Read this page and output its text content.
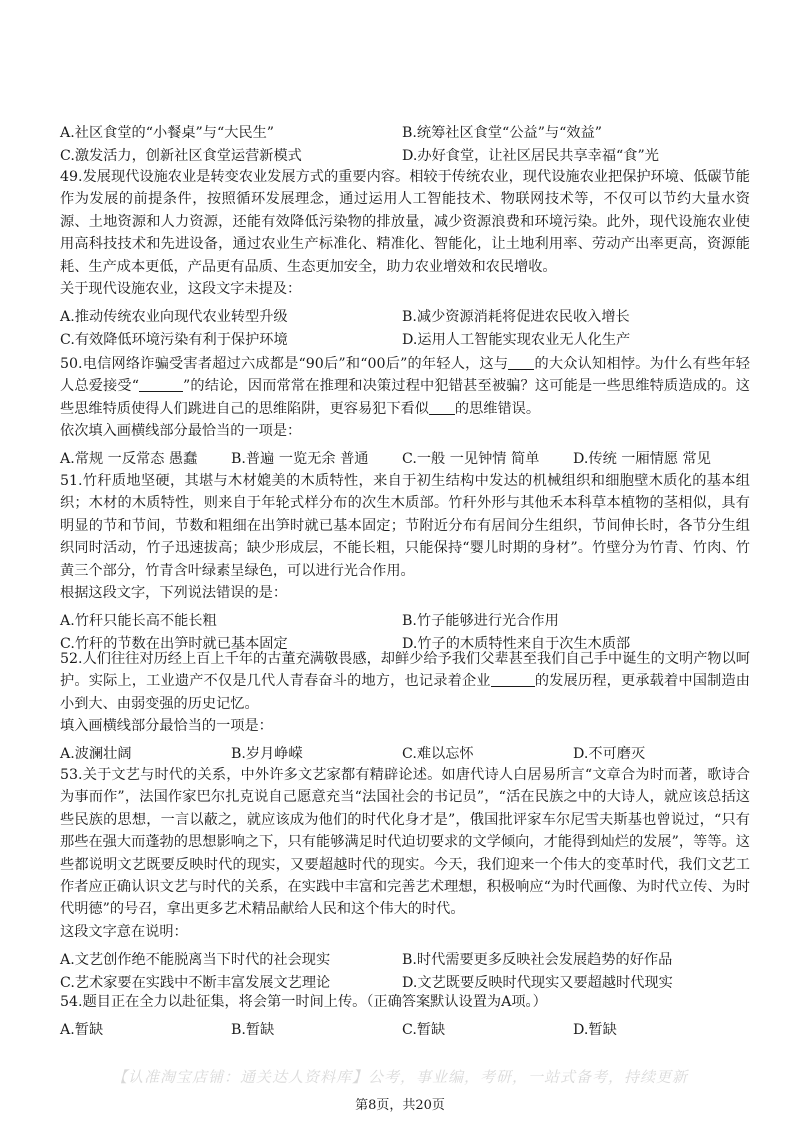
A.社区食堂的“小餐桌”与“大民生”	B.统筹社区食堂“公益”与“效益”
C.激发活力，创新社区食堂运营新模式	D.办好食堂，让社区居民共享幸福“食”光

49.发展现代设施农业是转变农业发展方式的重要内容。相较于传统农业，现代设施农业把保护环境、低碳节能作为发展的前提条件，按照循环发展理念，通过运用人工智能技术、物联网技术等，不仅可以节约大量水资源、土地资源和人力资源，还能有效降低污染物的排放量，减少资源浪费和环境污染。此外，现代设施农业使用高科技技术和先进设备，通过农业生产标准化、精准化、智能化，让土地利用率、劳动产出率更高，资源能耗、生产成本更低，产品更有品质、生态更加安全，助力农业增效和农民增收。

关于现代设施农业，这段文字未提及：

A.推动传统农业向现代农业转型升级	B.减少资源消耗将促进农民收入增长
C.有效降低环境污染有利于保护环境	D.运用人工智能实现农业无人化生产

50.电信网络诈骗受害者超过六成都是“90后”和“00后”的年轻人，这与 的大众认知相悖。为什么有些年轻人总爱接受“	”的结论，因而常常在推理和决策过程中犯错甚至被骗？这可能是一些思维特质造成的。这些思维特质使得人们跳进自己的思维陷阱，更容易犯下看似 的思维错误。

依次填入画横线部分最恰当的一项是：

A.常规 一反常态 愚蠢	B.普遍 一览无余 普通	C.一般 一见钟情 简单	D.传统 一厢情愿 常见

51.竹秆质地坚硬，其堪与木材媲美的木质特性，来自于初生结构中发达的机械组织和细胞壁木质化的基本组织；木材的木质特性，则来自于年轮式样分布的次生木质部。竹秆外形与其他禾本科草本植物的茎相似，具有明显的节和节间，节数和粗细在出笋时就已基本固定；节附近分布有居间分生组织，节间伸长时，各节分生组织同时活动，竹子迅速拔高；缺少形成层，不能长粗，只能保持“婴儿时期的身材”。竹壁分为竹青、竹肉、竹黄三个部分，竹青含叶绿素呈绿色，可以进行光合作用。

根据这段文字，下列说法错误的是：

A.竹秆只能长高不能长粗	B.竹子能够进行光合作用
C.竹秆的节数在出笋时就已基本固定	D.竹子的木质特性来自于次生木质部

52.人们往往对历经上百上千年的古董充满敬畏感，却鲜少给予我们父辈甚至我们自己手中诞生的文明产物以呵护。实际上，工业遗产不仅是几代人青春奋斗的地方，也记录着企业	的发展历程，更承载着中国制造由小到大、由弱变强的历史记忆。

填入画横线部分最恰当的一项是：

A.波澜壮阔	B.岁月峥嵘	C.难以忘怀	D.不可磨灭

53.关于文艺与时代的关系，中外许多文艺家都有精辟论述。如唐代诗人白居易所言“文章合为时而著，歌诗合为事而作”，法国作家巴尔扎克说自己愿意充当“法国社会的书记员”，“活在民族之中的大诗人，就应该总括这些民族的思想，一言以蔽之，就应该成为他们的时代化身才是”，俄国批评家车尔尼雪夫斯基也曾说过，“只有那些在强大而蓬勃的思想影响之下，只有能够满足时代迫切要求的文学倾向，才能得到灿烂的发展”，等等。这些都说明文艺既要反映时代的现实，又要超越时代的现实。今天，我们迎来一个伟大的变革时代，我们文艺工作者应正确认识文艺与时代的关系，在实践中丰富和完善艺术理想，积极响应“为时代画像、为时代立传、为时代明德”的号召，拿出更多艺术精品献给人民和这个伟大的时代。

这段文字意在说明：

A.文艺创作绝不能脱离当下时代的社会现实	B.时代需要更多反映社会发展趋势的好作品
C.艺术家要在实践中不断丰富发展文艺理论	D.文艺既要反映时代现实又要超越时代现实

54.题目正在全力以赴征集，将会第一时间上传。（正确答案默认设置为A项。）

A.暂缺	B.暂缺	C.暂缺	D.暂缺
【认准淘宝店铺：通关达人资料库】公考，事业编，考研，一站式备考，持续更新
第8页，共20页
